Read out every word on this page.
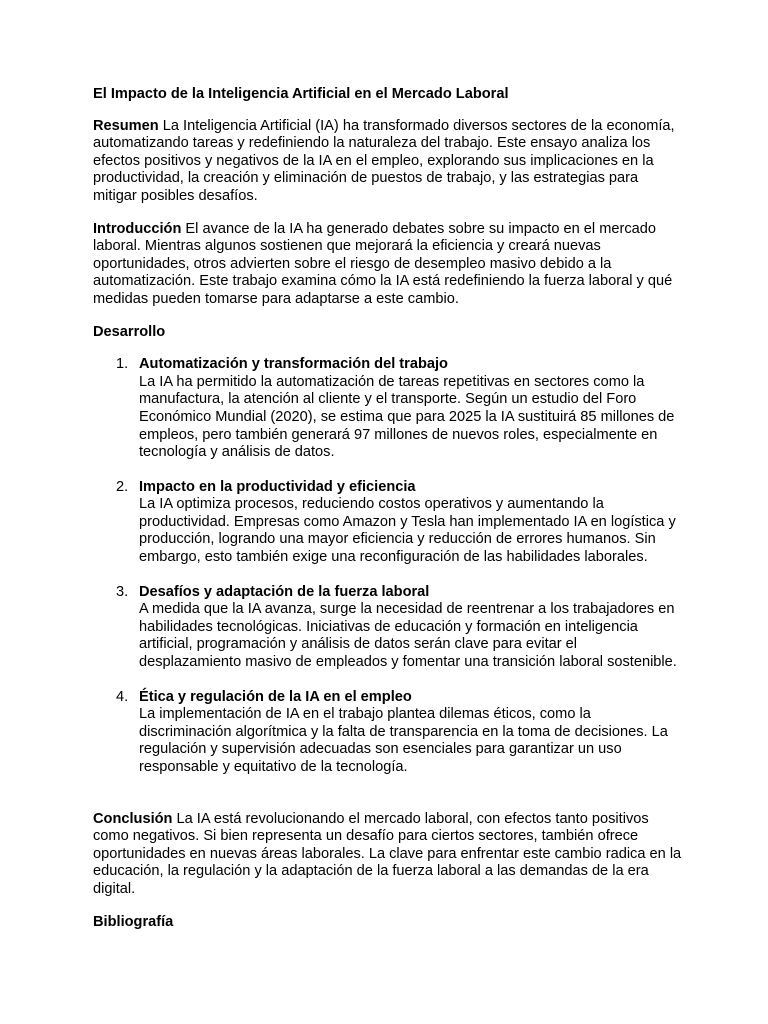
El Impacto de la Inteligencia Artificial en el Mercado Laboral

Resumen La Inteligencia Artificial (IA) ha transformado diversos sectores de la economía, automatizando tareas y redefiniendo la naturaleza del trabajo. Este ensayo analiza los efectos positivos y negativos de la IA en el empleo, explorando sus implicaciones en la productividad, la creación y eliminación de puestos de trabajo, y las estrategias para mitigar posibles desafíos.

Introducción El avance de la IA ha generado debates sobre su impacto en el mercado laboral. Mientras algunos sostienen que mejorará la eficiencia y creará nuevas oportunidades, otros advierten sobre el riesgo de desempleo masivo debido a la automatización. Este trabajo examina cómo la IA está redefiniendo la fuerza laboral y qué medidas pueden tomarse para adaptarse a este cambio.

Desarrollo
1. Automatización y transformación del trabajo
La IA ha permitido la automatización de tareas repetitivas en sectores como la manufactura, la atención al cliente y el transporte. Según un estudio del Foro Económico Mundial (2020), se estima que para 2025 la IA sustituirá 85 millones de empleos, pero también generará 97 millones de nuevos roles, especialmente en tecnología y análisis de datos.
2. Impacto en la productividad y eficiencia
La IA optimiza procesos, reduciendo costos operativos y aumentando la productividad. Empresas como Amazon y Tesla han implementado IA en logística y producción, logrando una mayor eficiencia y reducción de errores humanos. Sin embargo, esto también exige una reconfiguración de las habilidades laborales.
3. Desafíos y adaptación de la fuerza laboral
A medida que la IA avanza, surge la necesidad de reentrenar a los trabajadores en habilidades tecnológicas. Iniciativas de educación y formación en inteligencia artificial, programación y análisis de datos serán clave para evitar el desplazamiento masivo de empleados y fomentar una transición laboral sostenible.
4. Ética y regulación de la IA en el empleo
La implementación de IA en el trabajo plantea dilemas éticos, como la discriminación algorítmica y la falta de transparencia en la toma de decisiones. La regulación y supervisión adecuadas son esenciales para garantizar un uso responsable y equitativo de la tecnología.

Conclusión La IA está revolucionando el mercado laboral, con efectos tanto positivos como negativos. Si bien representa un desafío para ciertos sectores, también ofrece oportunidades en nuevas áreas laborales. La clave para enfrentar este cambio radica en la educación, la regulación y la adaptación de la fuerza laboral a las demandas de la era digital.

Bibliografía
